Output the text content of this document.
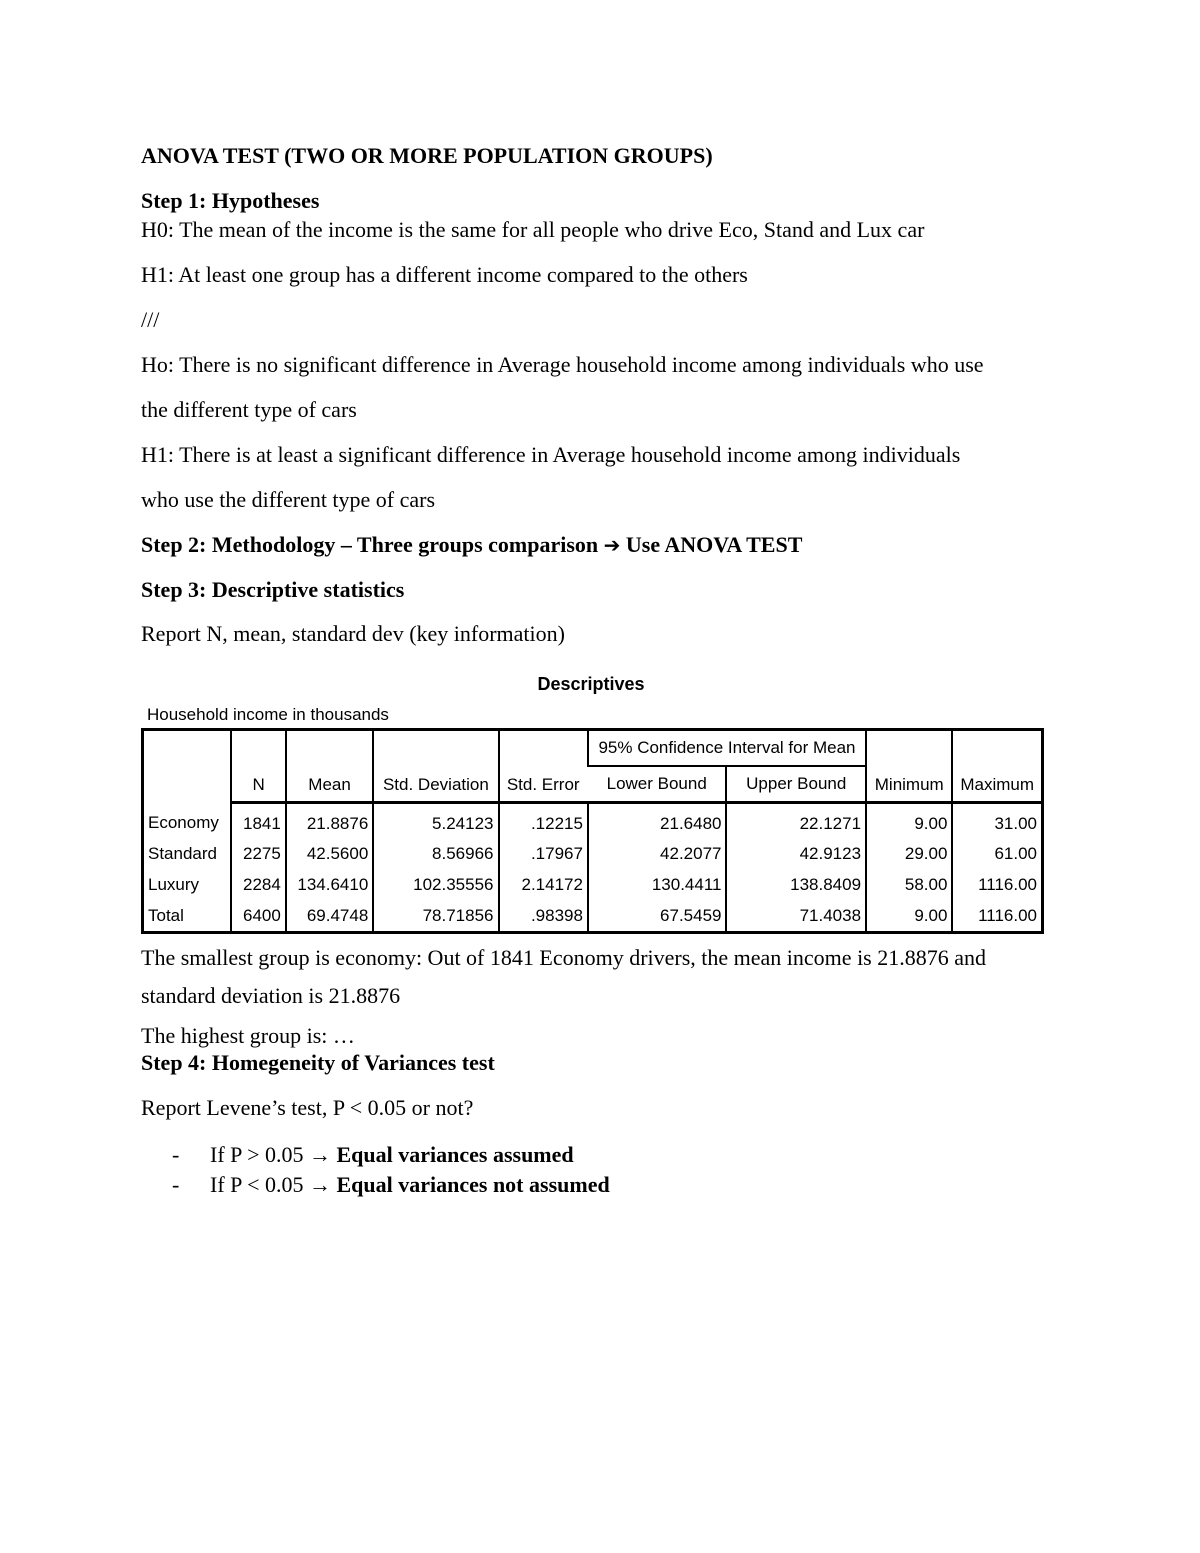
ANOVA TEST (TWO OR MORE POPULATION GROUPS)
Step 1: Hypotheses
H0: The mean of the income is the same for all people who drive Eco, Stand and Lux car
H1: At least one group has a different income compared to the others
///
Ho: There is no significant difference in Average household income among individuals who use
the different type of cars
H1: There is at least a significant difference in Average household income among individuals
who use the different type of cars
Step 2: Methodology – Three groups comparison ➔ Use ANOVA TEST
Step 3: Descriptive statistics
Report N, mean, standard dev (key information)
Descriptives
Household income in thousands
	N	Mean	Std. Deviation	Std. Error	95% Confidence Interval for Mean		Minimum	Maximum
					Lower Bound	Upper Bound		
Economy	1841	21.8876	5.24123	.12215	21.6480	22.1271	9.00	31.00
Standard	2275	42.5600	8.56966	.17967	42.2077	42.9123	29.00	61.00
Luxury	2284	134.6410	102.35556	2.14172	130.4411	138.8409	58.00	1116.00
Total	6400	69.4748	78.71856	.98398	67.5459	71.4038	9.00	1116.00
The smallest group is economy: Out of 1841 Economy drivers, the mean income is 21.8876 and
standard deviation is 21.8876
The highest group is: …
Step 4: Homegeneity of Variances test
Report Levene’s test, P < 0.05 or not?
- If P > 0.05 → Equal variances assumed
- If P < 0.05 → Equal variances not assumed
